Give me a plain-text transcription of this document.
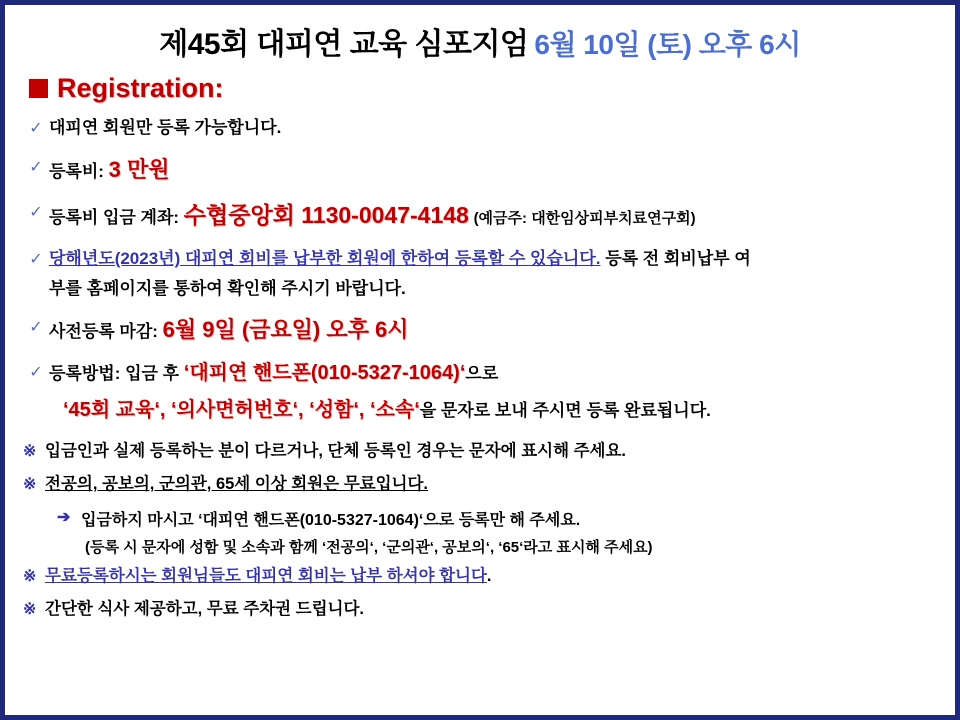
제45회 대피연 교육 심포지엄 6월 10일 (토) 오후 6시
Registration:
✓ 대피연 회원만 등록 가능합니다.
✓ 등록비: 3 만원
✓ 등록비 입금 계좌: 수협중앙회 1130-0047-4148 (예금주: 대한임상피부치료연구회)
✓ 당해년도(2023년) 대피연 회비를 납부한 회원에 한하여 등록할 수 있습니다. 등록 전 회비납부 여
부를 홈페이지를 통하여 확인해 주시기 바랍니다.
✓ 사전등록 마감: 6월 9일 (금요일) 오후 6시
✓ 등록방법: 입금 후 ‘대피연 핸드폰(010-5327-1064)‘으로
‘45회 교육‘, ‘의사면허번호‘, ‘성함‘, ‘소속‘을 문자로 보내 주시면 등록 완료됩니다.
※ 입금인과 실제 등록하는 분이 다르거나, 단체 등록인 경우는 문자에 표시해 주세요.
※ 전공의, 공보의, 군의관, 65세 이상 회원은 무료입니다.
➔ 입금하지 마시고 ‘대피연 핸드폰(010-5327-1064)‘으로 등록만 해 주세요.
(등록 시 문자에 성함 및 소속과 함께 ‘전공의‘, ‘군의관‘, 공보의‘, ‘65‘라고 표시해 주세요)
※ 무료등록하시는 회원님들도 대피연 회비는 납부 하셔야 합니다.
※ 간단한 식사 제공하고, 무료 주차권 드립니다.
